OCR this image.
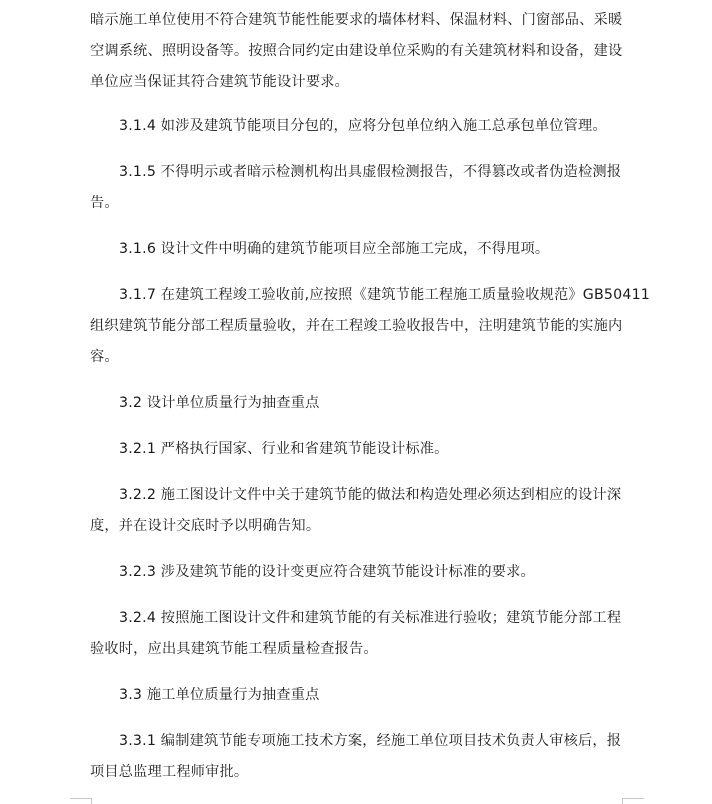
暗示施工单位使用不符合建筑节能性能要求的墙体材料、保温材料、门窗部品、采暖
空调系统、照明设备等。按照合同约定由建设单位采购的有关建筑材料和设备，建设
单位应当保证其符合建筑节能设计要求。

3.1.4 如涉及建筑节能项目分包的，应将分包单位纳入施工总承包单位管理。

3.1.5 不得明示或者暗示检测机构出具虚假检测报告，不得篡改或者伪造检测报
告。

3.1.6 设计文件中明确的建筑节能项目应全部施工完成，不得甩项。

3.1.7 在建筑工程竣工验收前,应按照《建筑节能工程施工质量验收规范》GB50411
组织建筑节能分部工程质量验收，并在工程竣工验收报告中，注明建筑节能的实施内
容。

3.2 设计单位质量行为抽查重点

3.2.1 严格执行国家、行业和省建筑节能设计标准。

3.2.2 施工图设计文件中关于建筑节能的做法和构造处理必须达到相应的设计深
度，并在设计交底时予以明确告知。

3.2.3 涉及建筑节能的设计变更应符合建筑节能设计标准的要求。

3.2.4 按照施工图设计文件和建筑节能的有关标准进行验收；建筑节能分部工程
验收时，应出具建筑节能工程质量检查报告。

3.3 施工单位质量行为抽查重点

3.3.1 编制建筑节能专项施工技术方案，经施工单位项目技术负责人审核后，报
项目总监理工程师审批。
